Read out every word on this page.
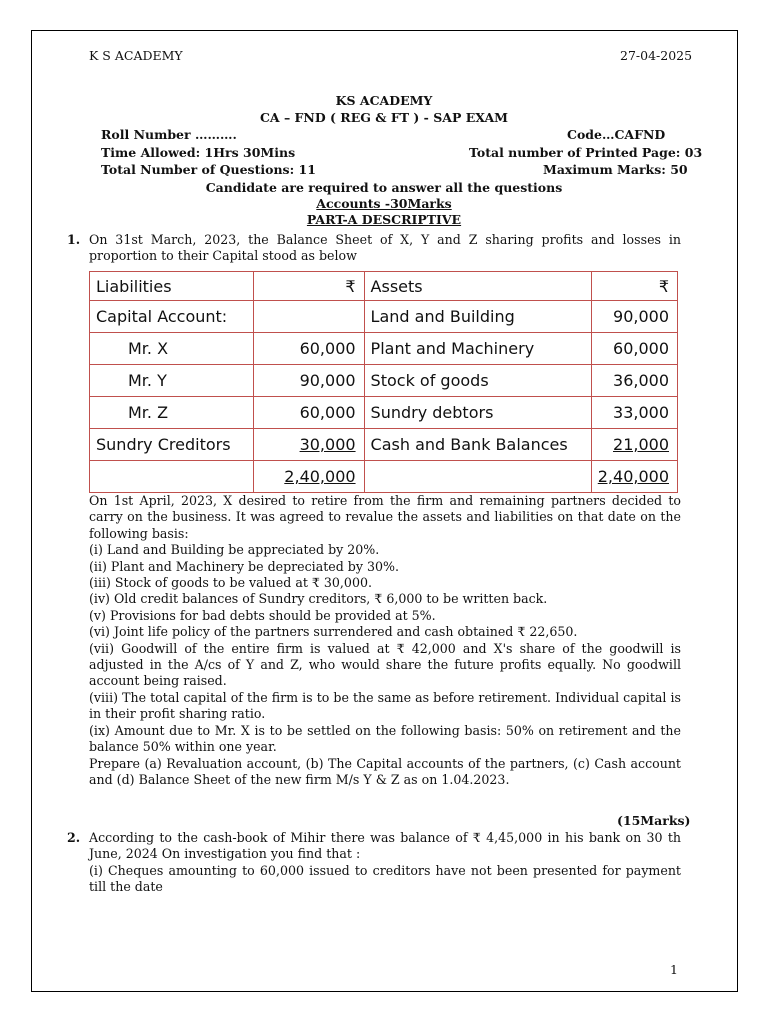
K S ACADEMY	27-04-2025
KS ACADEMY
CA – FND ( REG & FT ) - SAP EXAM
Roll Number ……….	Code…CAFND
Time Allowed: 1Hrs 30Mins	Total number of Printed Page: 03
Total Number of Questions: 11	Maximum Marks: 50
Candidate are required to answer all the questions
Accounts -30Marks
PART-A DESCRIPTIVE
1. On 31st March, 2023, the Balance Sheet of X, Y and Z sharing profits and losses in proportion to their Capital stood as below
Liabilities	₹	Assets	₹
Capital Account:		Land and Building	90,000
Mr. X	60,000	Plant and Machinery	60,000
Mr. Y	90,000	Stock of goods	36,000
Mr. Z	60,000	Sundry debtors	33,000
Sundry Creditors	30,000	Cash and Bank Balances	21,000
	2,40,000		2,40,000
On 1st April, 2023, X desired to retire from the firm and remaining partners decided to carry on the business. It was agreed to revalue the assets and liabilities on that date on the following basis:
(i) Land and Building be appreciated by 20%.
(ii) Plant and Machinery be depreciated by 30%.
(iii) Stock of goods to be valued at ₹ 30,000.
(iv) Old credit balances of Sundry creditors, ₹ 6,000 to be written back.
(v) Provisions for bad debts should be provided at 5%.
(vi) Joint life policy of the partners surrendered and cash obtained ₹ 22,650.
(vii) Goodwill of the entire firm is valued at ₹ 42,000 and X's share of the goodwill is adjusted in the A/cs of Y and Z, who would share the future profits equally. No goodwill account being raised.
(viii) The total capital of the firm is to be the same as before retirement. Individual capital is in their profit sharing ratio.
(ix) Amount due to Mr. X is to be settled on the following basis: 50% on retirement and the balance 50% within one year.
Prepare (a) Revaluation account, (b) The Capital accounts of the partners, (c) Cash account and (d) Balance Sheet of the new firm M/s Y & Z as on 1.04.2023.
(15Marks)
2. According to the cash-book of Mihir there was balance of ₹ 4,45,000 in his bank on 30 th June, 2024 On investigation you find that :
(i) Cheques amounting to 60,000 issued to creditors have not been presented for payment till the date
1
